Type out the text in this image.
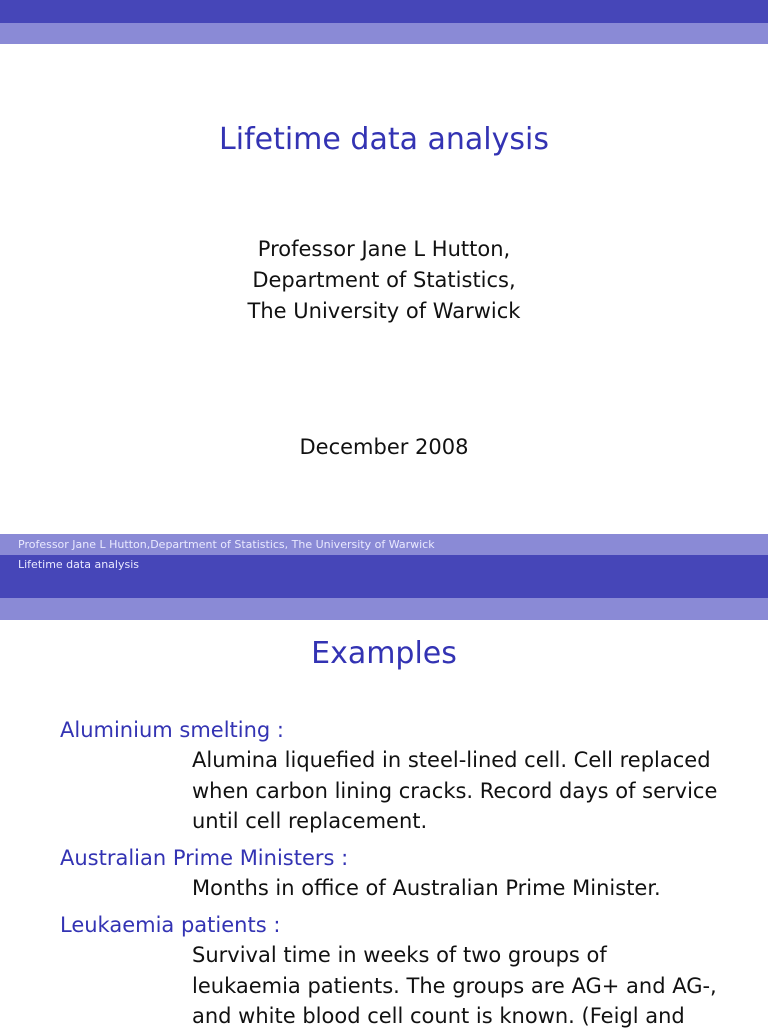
Lifetime data analysis
Professor Jane L Hutton,
Department of Statistics,
The University of Warwick
December 2008
Professor Jane L Hutton,Department of Statistics, The University of Warwick
Lifetime data analysis
Examples
Aluminium smelting :
Alumina liquefied in steel-lined cell. Cell replaced when carbon lining cracks. Record days of service until cell replacement.
Australian Prime Ministers :
Months in office of Australian Prime Minister.
Leukaemia patients :
Survival time in weeks of two groups of leukaemia patients. The groups are AG+ and AG-, and white blood cell count is known. (Feigl and
